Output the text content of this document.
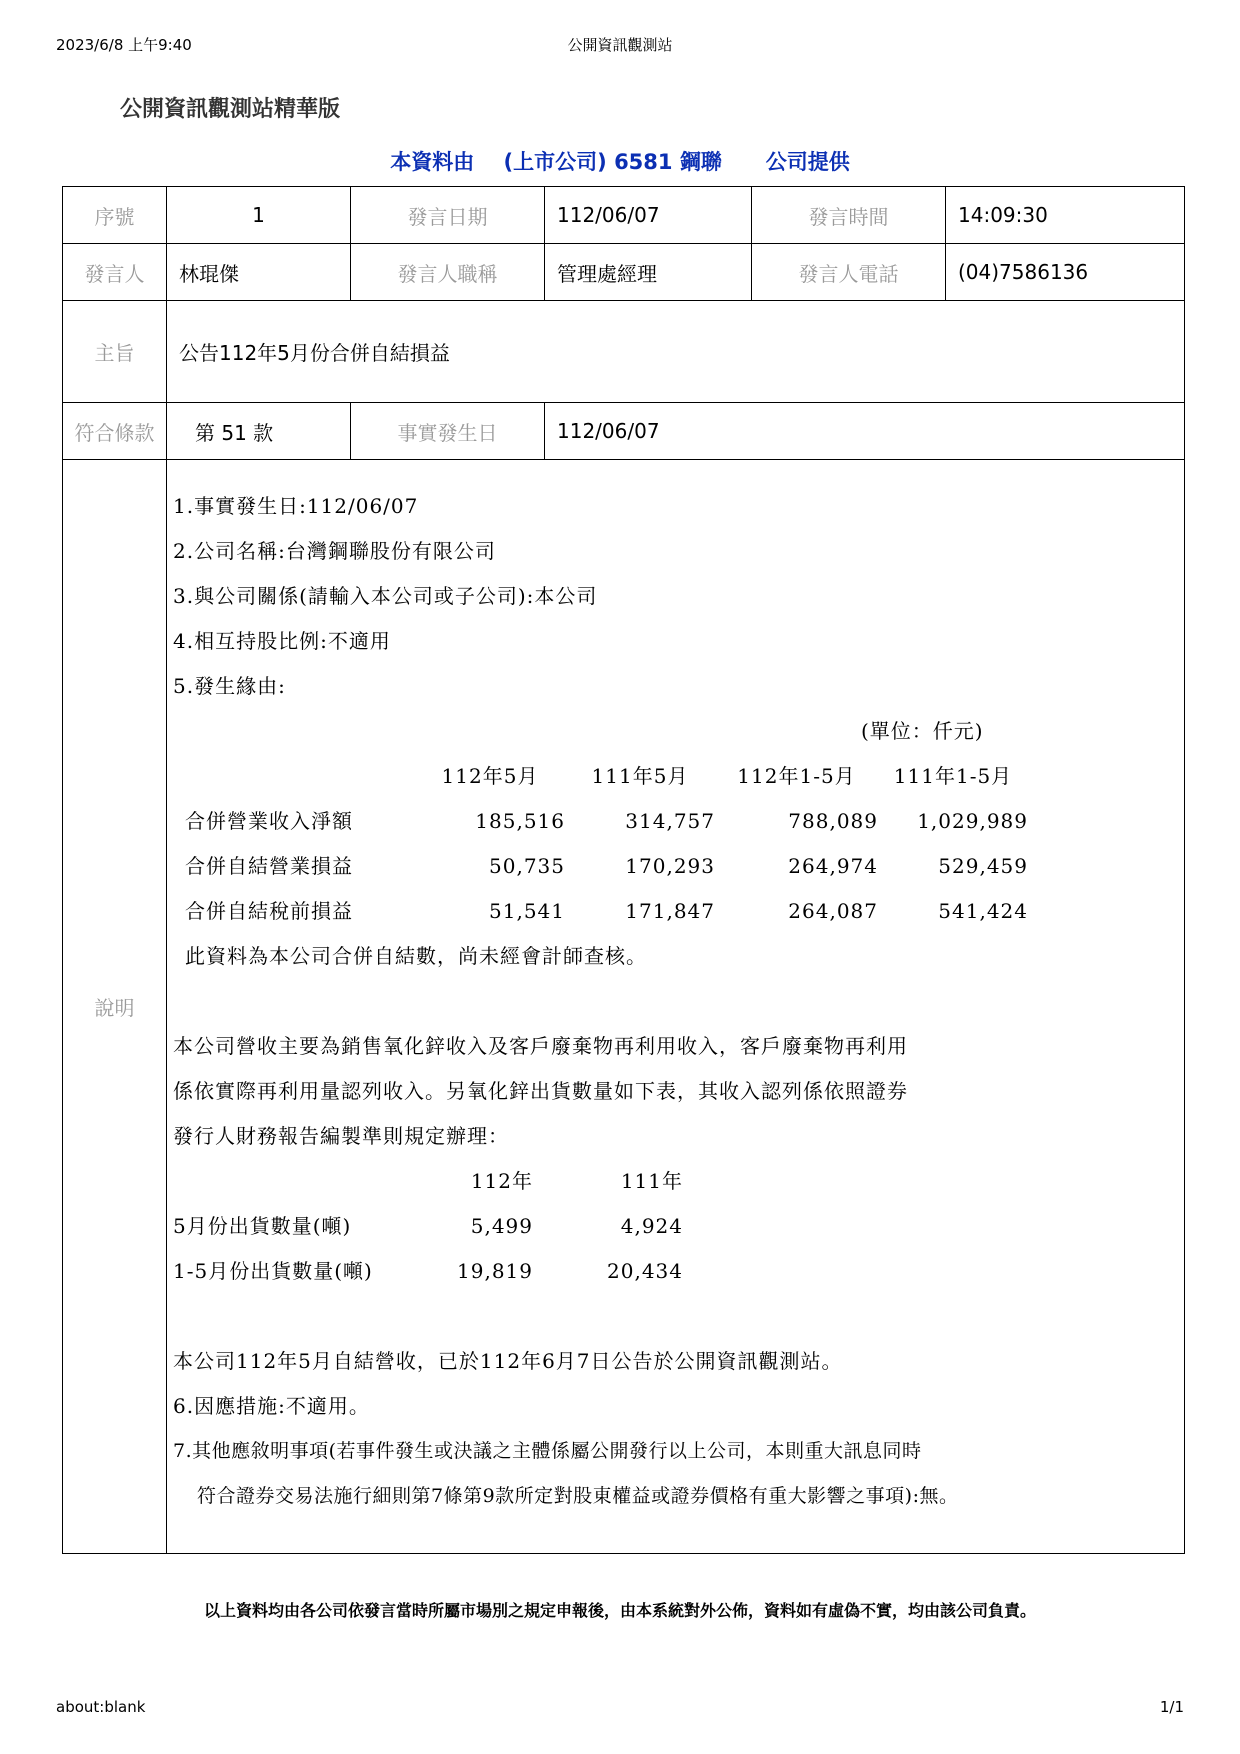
2023/6/8 上午9:40	公開資訊觀測站
公開資訊觀測站精華版
本資料由 (上市公司) 6581 鋼聯 公司提供
序號	1	發言日期	112/06/07	發言時間	14:09:30
發言人	林琨傑	發言人職稱	管理處經理	發言人電話	(04)7586136
主旨	公告112年5月份合併自結損益
符合條款	第 51 款	事實發生日	112/06/07
說明	
1.事實發生日:112/06/07
2.公司名稱:台灣鋼聯股份有限公司
3.與公司關係(請輸入本公司或子公司):本公司
4.相互持股比例:不適用
5.發生緣由:
(單位：仟元)
	112年5月	111年5月	112年1-5月	111年1-5月
合併營業收入淨額	185,516	314,757	788,089	1,029,989
合併自結營業損益	50,735	170,293	264,974	529,459
合併自結稅前損益	51,541	171,847	264,087	541,424
此資料為本公司合併自結數，尚未經會計師查核。
本公司營收主要為銷售氧化鋅收入及客戶廢棄物再利用收入，客戶廢棄物再利用
係依實際再利用量認列收入。另氧化鋅出貨數量如下表，其收入認列係依照證券
發行人財務報告編製準則規定辦理：
	112年	111年
5月份出貨數量(噸)	5,499	4,924
1-5月份出貨數量(噸)	19,819	20,434
本公司112年5月自結營收，已於112年6月7日公告於公開資訊觀測站。
6.因應措施:不適用。
7.其他應敘明事項(若事件發生或決議之主體係屬公開發行以上公司，本則重大訊息同時
符合證券交易法施行細則第7條第9款所定對股東權益或證券價格有重大影響之事項):無。
以上資料均由各公司依發言當時所屬市場別之規定申報後，由本系統對外公佈，資料如有虛偽不實，均由該公司負責。
about:blank	1/1
